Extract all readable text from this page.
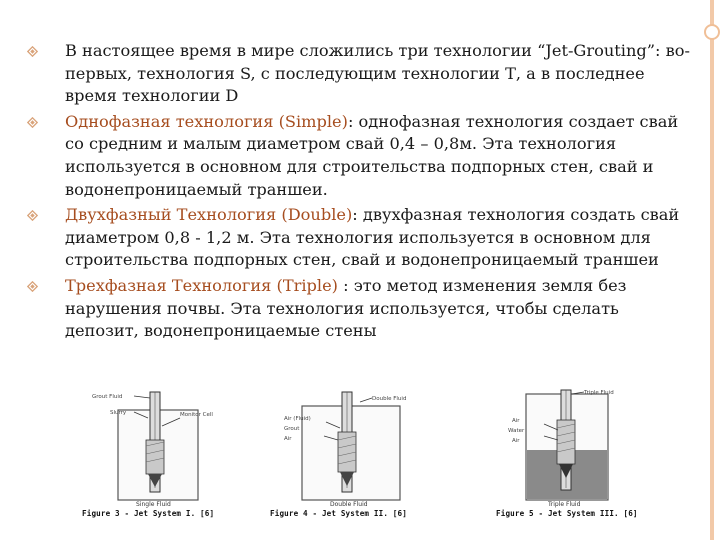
В настоящее время в мире сложились три технологии “Jet-Grouting”: во-первых, технология S, с последующим технологии Т, а в последнее время технологии D

Однофазная технология (Simple): однофазная технология создает свай со средним и малым диаметром свай 0,4 – 0,8м. Эта технология используется в основном для строительства подпорных стен, свай и водонепроницаемый траншеи.

Двухфазный Технология (Double): двухфазная технология создать свай диаметром 0,8 - 1,2 м. Эта технология используется в основном для строительства подпорных стен, свай и водонепроницаемый траншеи

Трехфазная Технология (Triple) : это метод изменения земля без нарушения почвы. Эта технология используется, чтобы сделать депозит, водонепроницаемые стены

Grout Fluid
Slurry	Monitor Cell
Single Fluid
Figure 3 - Jet System I. [6]
Double Fluid
Air (Fluid)
Grout
Air
Double Fluid
Figure 4 - Jet System II. [6]
Triple Fluid
Air
Water
Air
Triple Fluid
Figure 5 - Jet System III. [6]
